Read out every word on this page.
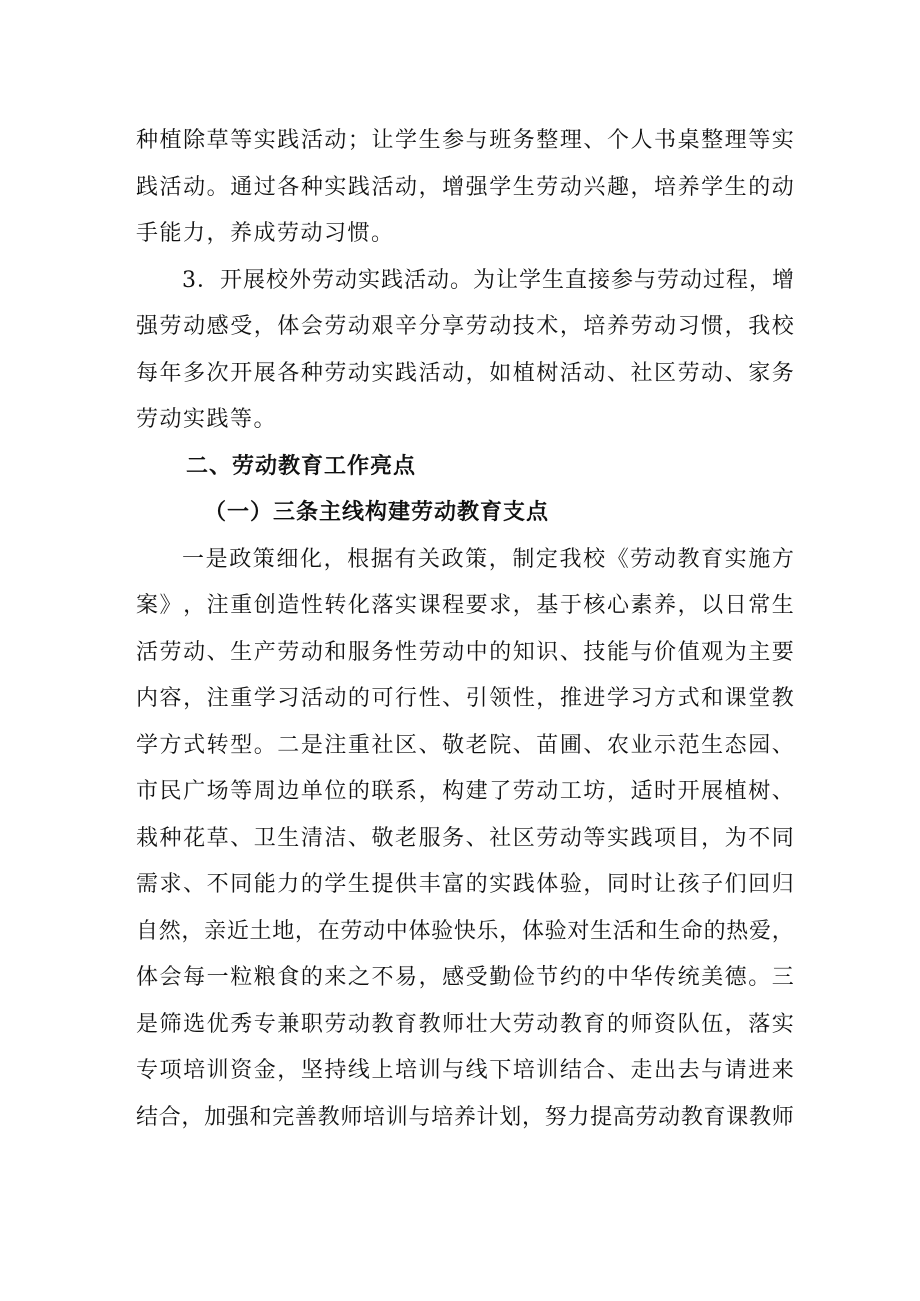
种 植 除 草 等 实 践 活 动 ； 让 学 生 参 与 班 务 整 理 、 个 人 书 桌 整 理 等 实
践 活 动 。 通 过 各 种 实 践 活 动 ， 增 强 学 生 劳 动 兴 趣 ， 培 养 学 生 的 动
手能力，养成劳动习惯。
3 ． 开 展 校 外 劳 动 实 践 活 动 。 为 让 学 生 直 接 参 与 劳 动 过 程 ， 增
强 劳 动 感 受 ， 体 会 劳 动 艰 辛 分 享 劳 动 技 术 ， 培 养 劳 动 习 惯 ， 我 校
每 年 多 次 开 展 各 种 劳 动 实 践 活 动 ， 如 植 树 活 动 、 社 区 劳 动 、 家 务
劳动实践等。
二、劳动教育工作亮点
（一）三条主线构建劳动教育支点
一 是 政 策 细 化 ， 根 据 有 关 政 策 ， 制 定 我 校 《 劳 动 教 育 实 施 方
案 》 ， 注 重 创 造 性 转 化 落 实 课 程 要 求 ， 基 于 核 心 素 养 ， 以 日 常 生
活 劳 动 、 生 产 劳 动 和 服 务 性 劳 动 中 的 知 识 、 技 能 与 价 值 观 为 主 要
内 容 ， 注 重 学 习 活 动 的 可 行 性 、 引 领 性 ， 推 进 学 习 方 式 和 课 堂 教
学 方 式 转 型 。 二 是 注 重 社 区 、 敬 老 院 、 苗 圃 、 农 业 示 范 生 态 园 、
市 民 广 场 等 周 边 单 位 的 联 系 ， 构 建 了 劳 动 工 坊 ， 适 时 开 展 植 树 、
栽 种 花 草 、 卫 生 清 洁 、 敬 老 服 务 、 社 区 劳 动 等 实 践 项 目 ， 为 不 同
需 求 、 不 同 能 力 的 学 生 提 供 丰 富 的 实 践 体 验 ， 同 时 让 孩 子 们 回 归
自 然 ， 亲 近 土 地 ， 在 劳 动 中 体 验 快 乐 ， 体 验 对 生 活 和 生 命 的 热 爱 ，
体 会 每 一 粒 粮 食 的 来 之 不 易 ， 感 受 勤 俭 节 约 的 中 华 传 统 美 德 。 三
是 筛 选 优 秀 专 兼 职 劳 动 教 育 教 师 壮 大 劳 动 教 育 的 师 资 队 伍 ， 落 实
专 项 培 训 资 金 ， 坚 持 线 上 培 训 与 线 下 培 训 结 合 、 走 出 去 与 请 进 来
结 合 ， 加 强 和 完 善 教 师 培 训 与 培 养 计 划 ， 努 力 提 高 劳 动 教 育 课 教 师
